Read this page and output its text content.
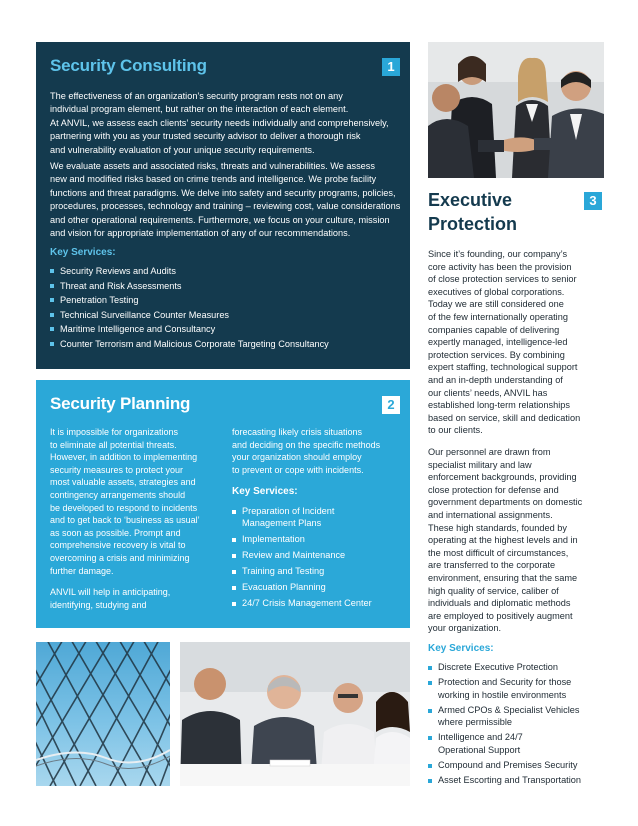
Security Consulting	1

The effectiveness of an organization’s security program rests not on any
individual program element, but rather on the interaction of each element.
At ANVIL, we assess each clients’ security needs individually and comprehensively,
partnering with you as your trusted security advisor to deliver a thorough risk
and vulnerability evaluation of your unique security requirements.

We evaluate assets and associated risks, threats and vulnerabilities. We assess
new and modified risks based on crime trends and intelligence. We probe facility
functions and threat paradigms. We delve into safety and security programs, policies,
procedures, processes, technology and training – reviewing cost, value considerations
and other operational requirements. Furthermore, we focus on your culture, mission
and vision for appropriate implementation of any of our recommendations.

Key Services:
Security Reviews and Audits
Threat and Risk Assessments
Penetration Testing
Technical Surveillance Counter Measures
Maritime Intelligence and Consultancy
Counter Terrorism and Malicious Corporate Targeting Consultancy
Security Planning	2

It is impossible for organizations
to eliminate all potential threats.
However, in addition to implementing
security measures to protect your
most valuable assets, strategies and
contingency arrangements should
be developed to respond to incidents
and to get back to ‘business as usual’
as soon as possible. Prompt and
comprehensive recovery is vital to
overcoming a crisis and minimizing
further damage.

ANVIL will help in anticipating,
identifying, studying and

forecasting likely crisis situations
and deciding on the specific methods
your organization should employ
to prevent or cope with incidents.

Key Services:
Preparation of Incident
Management Plans
Implementation
Review and Maintenance
Training and Testing
Evacuation Planning
24/7 Crisis Management Center
Executive
Protection
3

Since it’s founding, our company’s
core activity has been the provision
of close protection services to senior
executives of global corporations.
Today we are still considered one
of the few internationally operating
companies capable of delivering
expertly managed, intelligence-led
protection services. By combining
expert staffing, technological support
and an in-depth understanding of
our clients’ needs, ANVIL has
established long-term relationships
based on service, skill and dedication
to our clients.

Our personnel are drawn from
specialist military and law
enforcement backgrounds, providing
close protection for defense and
government departments on domestic
and international assignments.
These high standards, founded by
operating at the highest levels and in
the most difficult of circumstances,
are transferred to the corporate
environment, ensuring that the same
high quality of service, caliber of
individuals and diplomatic methods
are employed to positively augment
your organization.

Key Services:
Discrete Executive Protection
Protection and Security for those
working in hostile environments
Armed CPOs & Specialist Vehicles
where permissible
Intelligence and 24/7
Operational Support
Compound and Premises Security
Asset Escorting and Transportation
